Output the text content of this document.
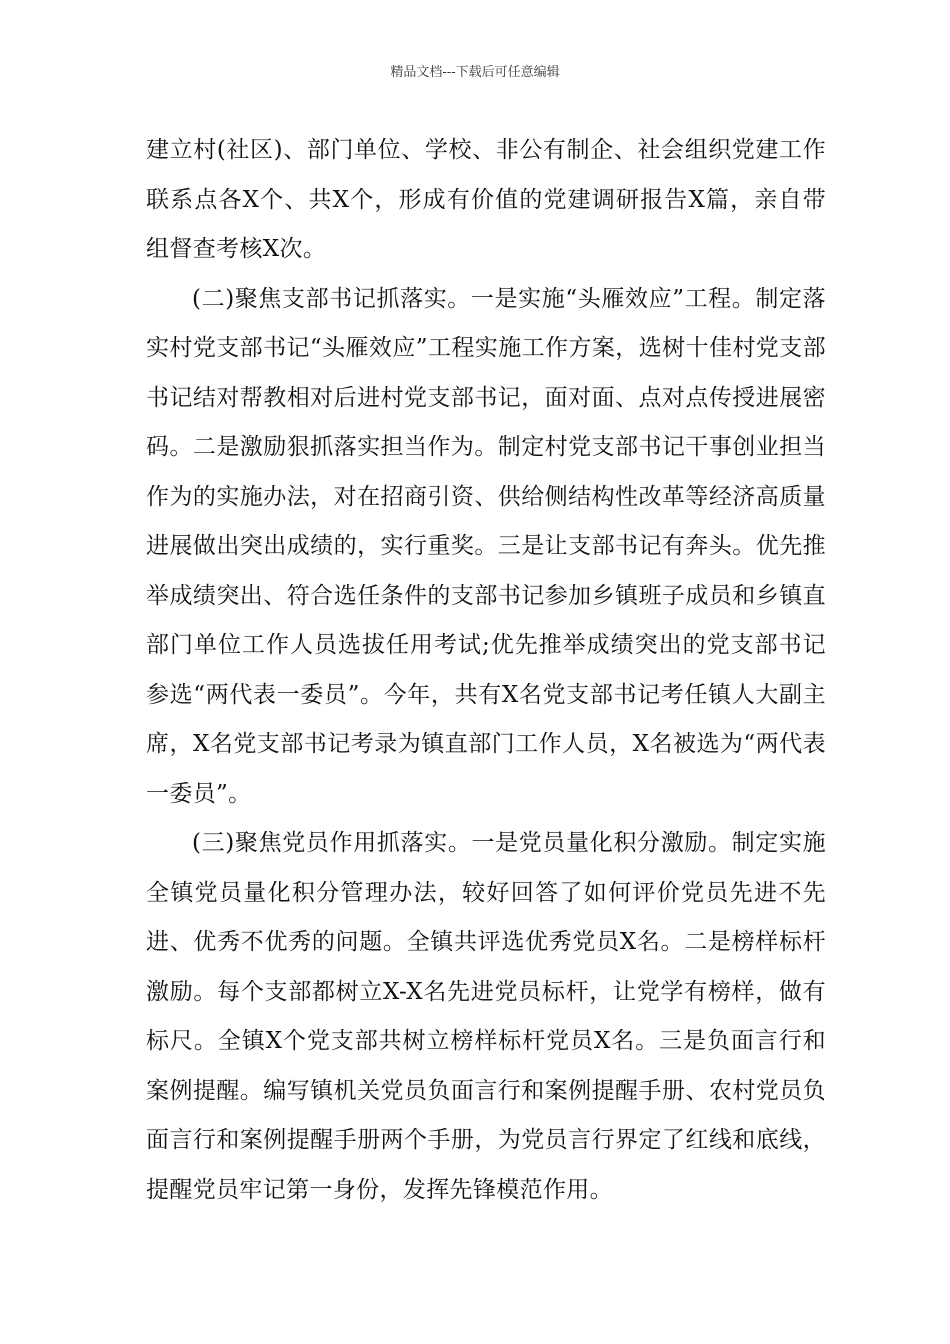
精品文档---下载后可任意编辑

建立村(社区)、部门单位、学校、非公有制企、社会组织党建工作联系点各X个、共X个，形成有价值的党建调研报告X篇，亲自带组督查考核X次。

(二)聚焦支部书记抓落实。一是实施“头雁效应”工程。制定落实村党支部书记“头雁效应”工程实施工作方案，选树十佳村党支部书记结对帮教相对后进村党支部书记，面对面、点对点传授进展密码。二是激励狠抓落实担当作为。制定村党支部书记干事创业担当作为的实施办法，对在招商引资、供给侧结构性改革等经济高质量进展做出突出成绩的，实行重奖。三是让支部书记有奔头。优先推举成绩突出、符合选任条件的支部书记参加乡镇班子成员和乡镇直部门单位工作人员选拔任用考试;优先推举成绩突出的党支部书记参选“两代表一委员”。今年，共有X名党支部书记考任镇人大副主席，X名党支部书记考录为镇直部门工作人员，X名被选为“两代表一委员”。

(三)聚焦党员作用抓落实。一是党员量化积分激励。制定实施全镇党员量化积分管理办法，较好回答了如何评价党员先进不先进、优秀不优秀的问题。全镇共评选优秀党员X名。二是榜样标杆激励。每个支部都树立X-X名先进党员标杆，让党学有榜样，做有标尺。全镇X个党支部共树立榜样标杆党员X名。三是负面言行和案例提醒。编写镇机关党员负面言行和案例提醒手册、农村党员负面言行和案例提醒手册两个手册，为党员言行界定了红线和底线，提醒党员牢记第一身份，发挥先锋模范作用。
